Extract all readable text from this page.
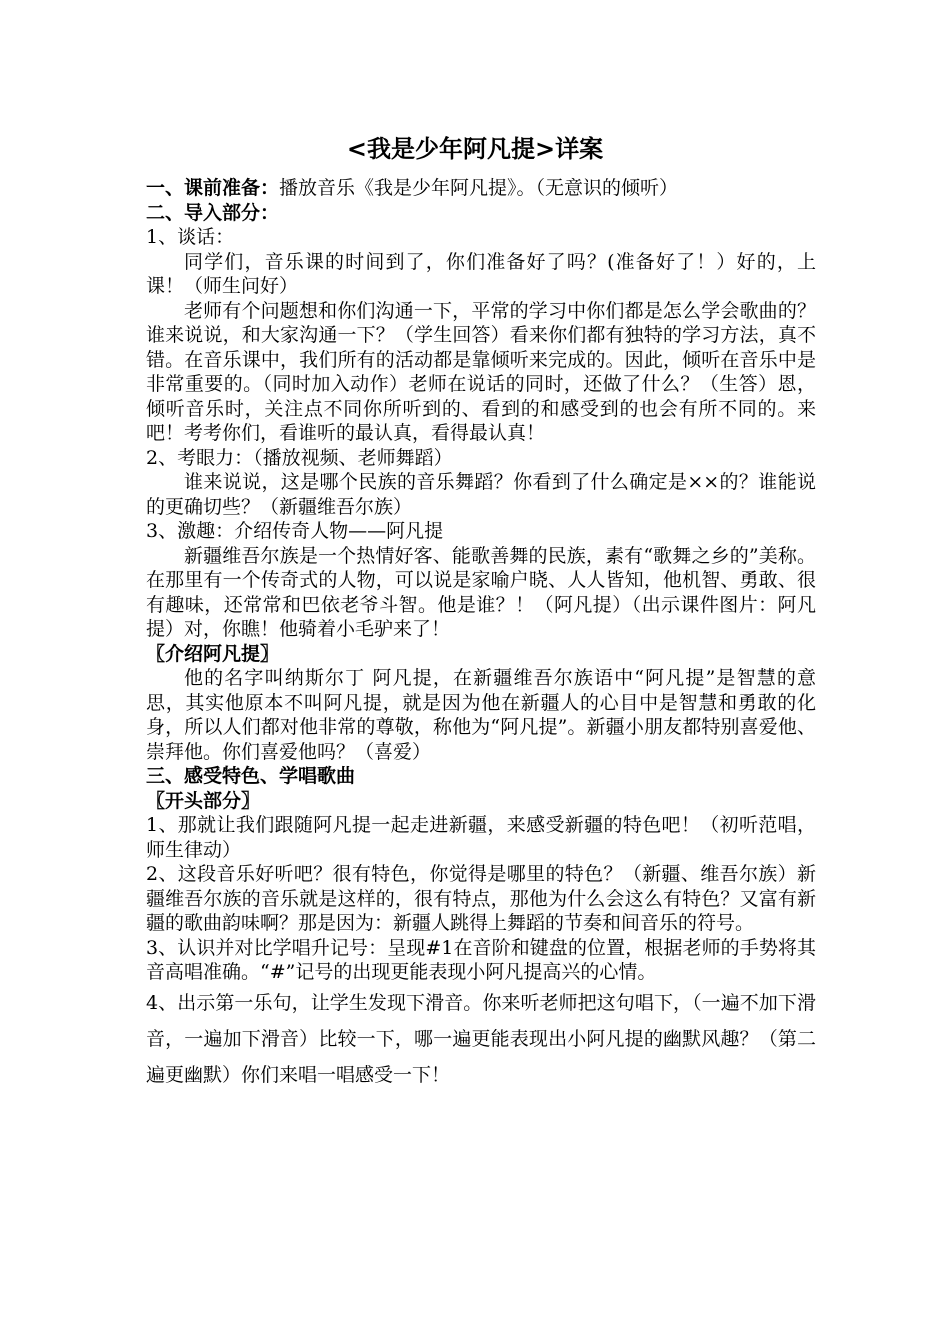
<我是少年阿凡提>详案

一、课前准备：播放音乐《我是少年阿凡提》。（无意识的倾听）

二、导入部分：

1、谈话：

同学们，音乐课的时间到了，你们准备好了吗？(准备好了！）好的，上课！（师生问好）

老师有个问题想和你们沟通一下，平常的学习中你们都是怎么学会歌曲的？谁来说说，和大家沟通一下？（学生回答）看来你们都有独特的学习方法，真不错。在音乐课中，我们所有的活动都是靠倾听来完成的。因此，倾听在音乐中是非常重要的。（同时加入动作）老师在说话的同时，还做了什么？（生答）恩，倾听音乐时，关注点不同你所听到的、看到的和感受到的也会有所不同的。来吧！考考你们，看谁听的最认真，看得最认真！

2、考眼力：（播放视频、老师舞蹈）

谁来说说，这是哪个民族的音乐舞蹈？你看到了什么确定是××的？谁能说的更确切些？（新疆维吾尔族）

3、激趣：介绍传奇人物——阿凡提

新疆维吾尔族是一个热情好客、能歌善舞的民族，素有“歌舞之乡的”美称。在那里有一个传奇式的人物，可以说是家喻户晓、人人皆知，他机智、勇敢、很有趣味，还常常和巴依老爷斗智。他是谁？！（阿凡提）（出示课件图片：阿凡提）对，你瞧！他骑着小毛驴来了！

〖介绍阿凡提〗

他的名字叫纳斯尔丁 阿凡提，在新疆维吾尔族语中“阿凡提”是智慧的意思，其实他原本不叫阿凡提，就是因为他在新疆人的心目中是智慧和勇敢的化身，所以人们都对他非常的尊敬，称他为“阿凡提”。新疆小朋友都特别喜爱他、崇拜他。你们喜爱他吗？（喜爱）

三、感受特色、学唱歌曲

〖开头部分〗

1、那就让我们跟随阿凡提一起走进新疆，来感受新疆的特色吧！（初听范唱，师生律动）

2、这段音乐好听吧？很有特色，你觉得是哪里的特色？（新疆、维吾尔族）新疆维吾尔族的音乐就是这样的，很有特点，那他为什么会这么有特色？又富有新疆的歌曲韵味啊？那是因为：新疆人跳得上舞蹈的节奏和间音乐的符号。

3、认识并对比学唱升记号：呈现#1在音阶和键盘的位置，根据老师的手势将其音高唱准确。“#”记号的出现更能表现小阿凡提高兴的心情。

4、出示第一乐句，让学生发现下滑音。你来听老师把这句唱下，（一遍不加下滑音，一遍加下滑音）比较一下，哪一遍更能表现出小阿凡提的幽默风趣？（第二遍更幽默）你们来唱一唱感受一下！
